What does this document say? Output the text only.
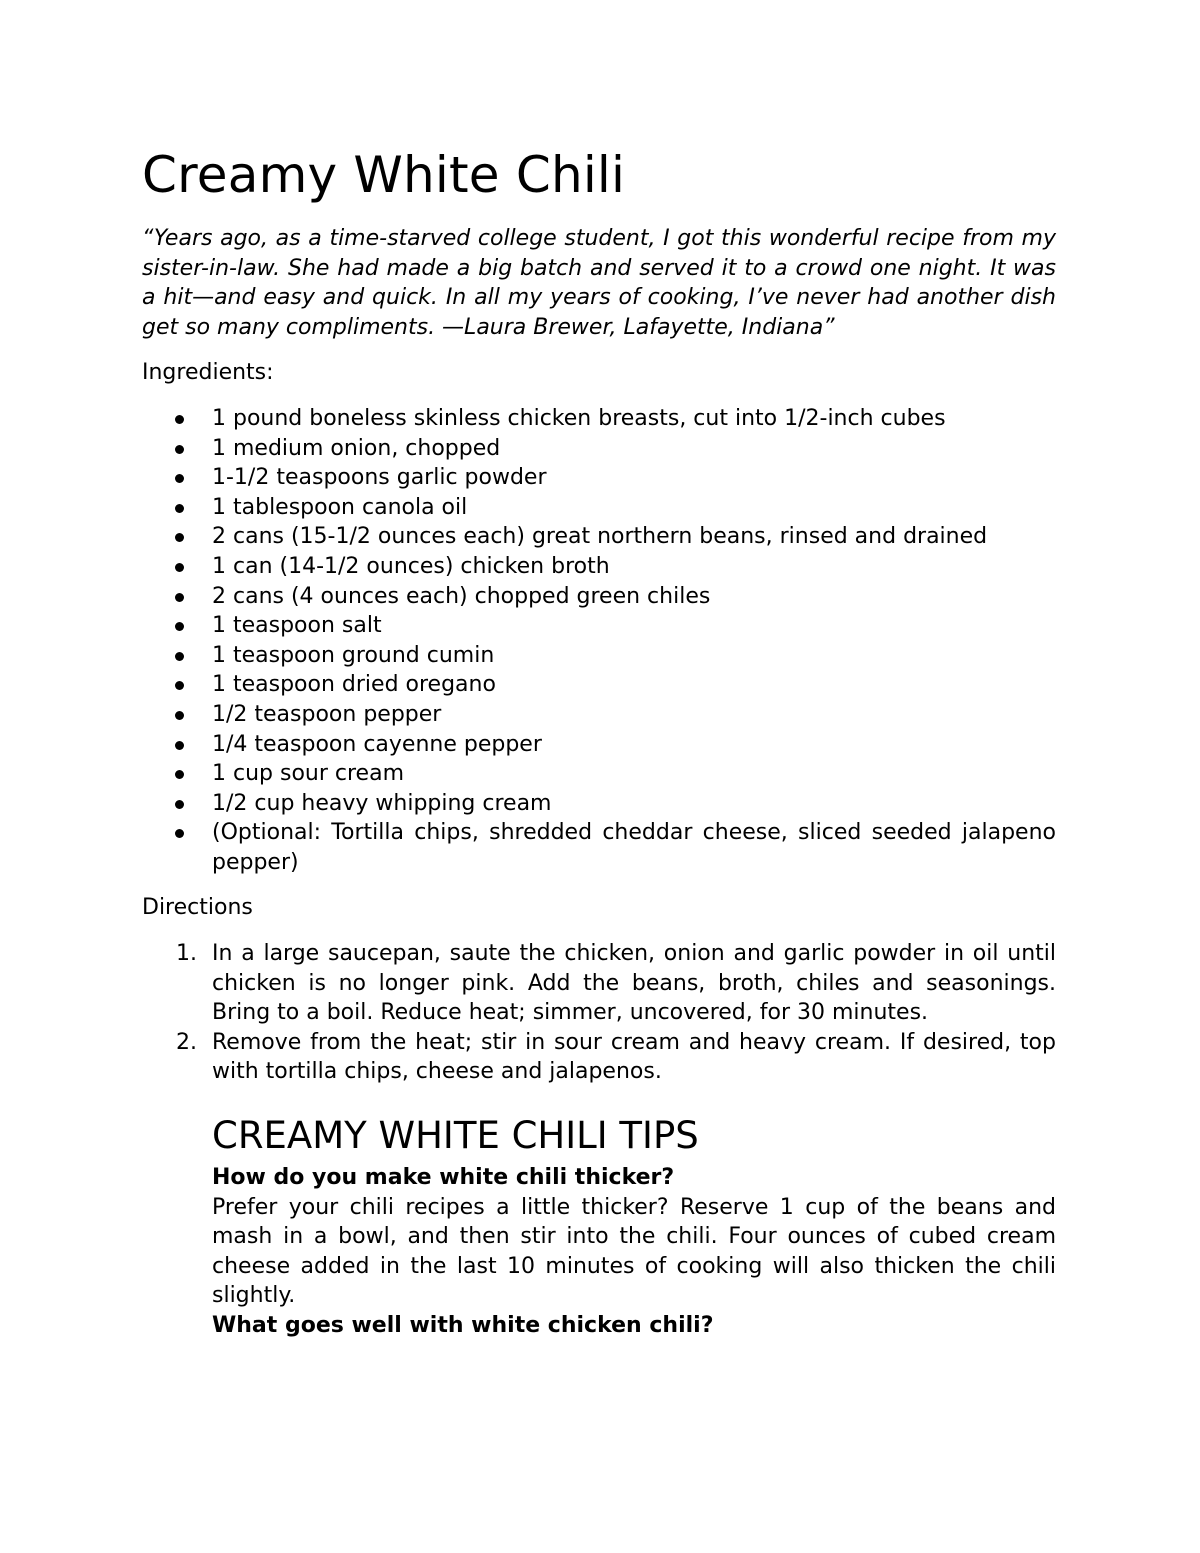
Creamy White Chili

“Years ago, as a time-starved college student, I got this wonderful recipe from my sister-in-law. She had made a big batch and served it to a crowd one night. It was a hit—and easy and quick. In all my years of cooking, I’ve never had another dish get so many compliments. —Laura Brewer, Lafayette, Indiana”

Ingredients:

1 pound boneless skinless chicken breasts, cut into 1/2-inch cubes
1 medium onion, chopped
1-1/2 teaspoons garlic powder
1 tablespoon canola oil
2 cans (15-1/2 ounces each) great northern beans, rinsed and drained
1 can (14-1/2 ounces) chicken broth
2 cans (4 ounces each) chopped green chiles
1 teaspoon salt
1 teaspoon ground cumin
1 teaspoon dried oregano
1/2 teaspoon pepper
1/4 teaspoon cayenne pepper
1 cup sour cream
1/2 cup heavy whipping cream
(Optional: Tortilla chips, shredded cheddar cheese, sliced seeded jalapeno pepper)

Directions

1. In a large saucepan, saute the chicken, onion and garlic powder in oil until chicken is no longer pink. Add the beans, broth, chiles and seasonings. Bring to a boil. Reduce heat; simmer, uncovered, for 30 minutes.
2. Remove from the heat; stir in sour cream and heavy cream. If desired, top with tortilla chips, cheese and jalapenos.
CREAMY WHITE CHILI TIPS

How do you make white chili thicker?

Prefer your chili recipes a little thicker? Reserve 1 cup of the beans and mash in a bowl, and then stir into the chili. Four ounces of cubed cream cheese added in the last 10 minutes of cooking will also thicken the chili slightly.

What goes well with white chicken chili?
